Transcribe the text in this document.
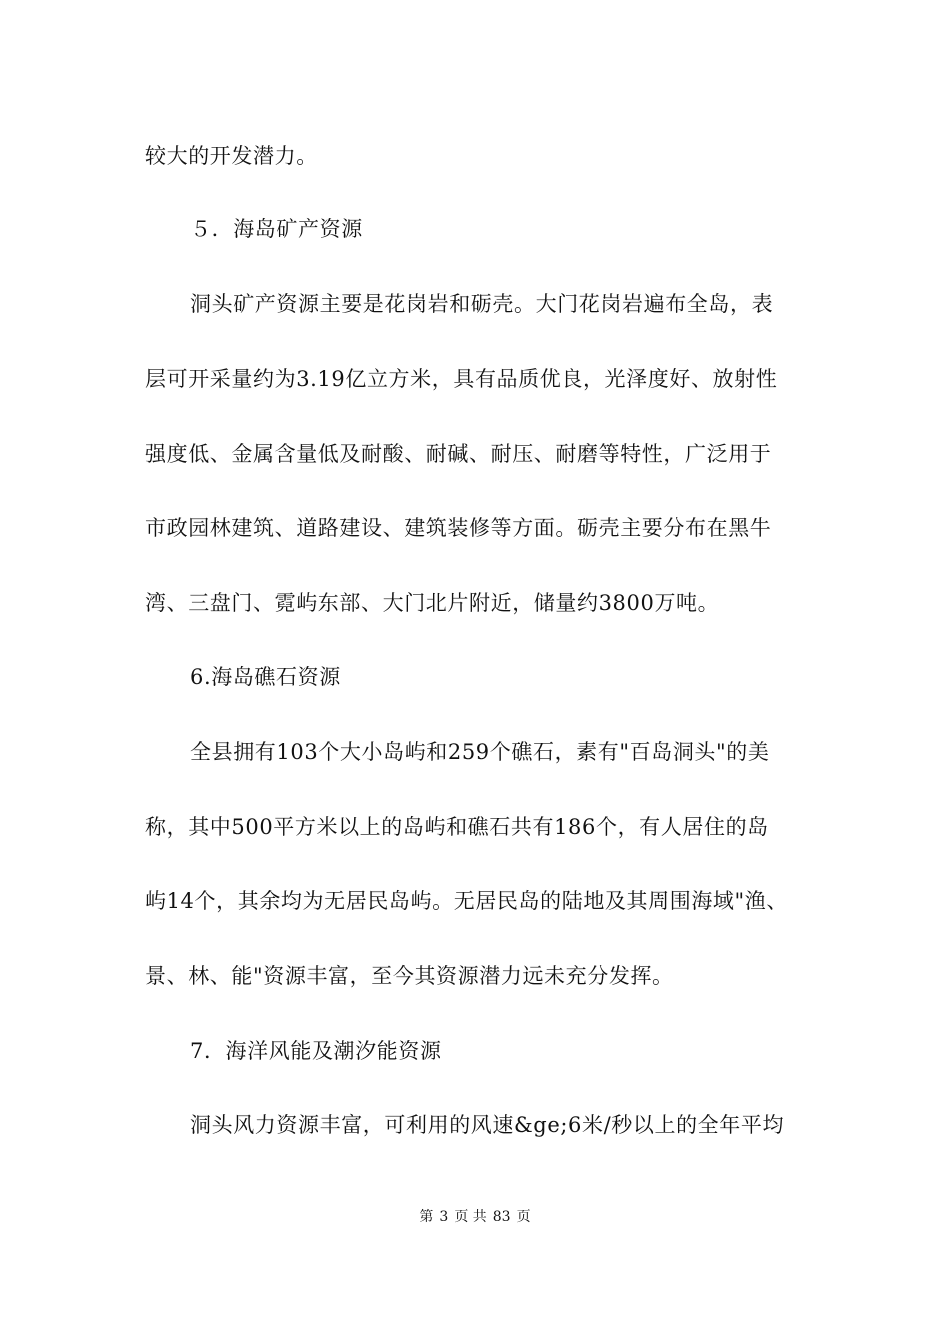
较大的开发潜力。
５．海岛矿产资源
洞头矿产资源主要是花岗岩和砺壳。大门花岗岩遍布全岛，表
层可开采量约为3.19亿立方米，具有品质优良，光泽度好、放射性
强度低、金属含量低及耐酸、耐碱、耐压、耐磨等特性，广泛用于
市政园林建筑、道路建设、建筑装修等方面。砺壳主要分布在黑牛
湾、三盘门、霓屿东部、大门北片附近，储量约3800万吨。
6.海岛礁石资源
全县拥有103个大小岛屿和259个礁石，素有"百岛洞头"的美
称，其中500平方米以上的岛屿和礁石共有186个，有人居住的岛
屿14个，其余均为无居民岛屿。无居民岛的陆地及其周围海域"渔、
景、林、能"资源丰富，至今其资源潜力远未充分发挥。
7．海洋风能及潮汐能资源
洞头风力资源丰富，可利用的风速&ge;6米/秒以上的全年平均
第 3 页 共 83 页
